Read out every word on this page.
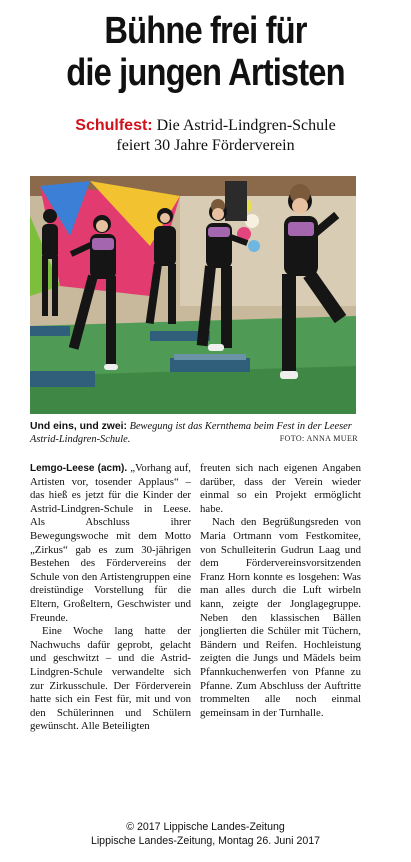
Bühne frei für
die jungen Artisten
Schulfest: Die Astrid-Lindgren-Schule
feiert 30 Jahre Förderverein
Und eins, und zwei: Bewegung ist das Kernthema beim Fest in der Leeser Astrid-Lindgren-Schule.	FOTO: ANNA MUER

Lemgo-Leese (acm). „Vorhang auf, Artisten vor, tosender Applaus“ – das hieß es jetzt für die Kinder der Astrid-Lindgren-Schule in Leese. Als Abschluss ihrer Bewegungswoche mit dem Motto „Zirkus“ gab es zum 30-jährigen Bestehen des Fördervereins der Schule von den Artistengruppen eine dreistündige Vorstellung für die Eltern, Großeltern, Geschwister und Freunde.

Eine Woche lang hatte der Nachwuchs dafür geprobt, gelacht und geschwitzt – und die Astrid-Lindgren-Schule verwandelte sich zur Zirkusschule. Der Förderverein hatte sich ein Fest für, mit und von den Schülerinnen und Schülern gewünscht. Alle Beteiligten

freuten sich nach eigenen Angaben darüber, dass der Verein wieder einmal so ein Projekt ermöglicht habe.

Nach den Begrüßungsreden von Maria Ortmann vom Festkomitee, von Schulleiterin Gudrun Laag und dem Fördervereinsvorsitzenden Franz Horn konnte es losgehen: Was man alles durch die Luft wirbeln kann, zeigte der Jonglagegruppe. Neben den klassischen Bällen jonglierten die Schüler mit Tüchern, Bändern und Reifen. Hochleistung zeigten die Jungs und Mädels beim Pfannkuchenwerfen von Pfanne zu Pfanne. Zum Abschluss der Auftritte trommelten alle noch einmal gemeinsam in der Turnhalle.

© 2017 Lippische Landes-Zeitung
Lippische Landes-Zeitung, Montag 26. Juni 2017
